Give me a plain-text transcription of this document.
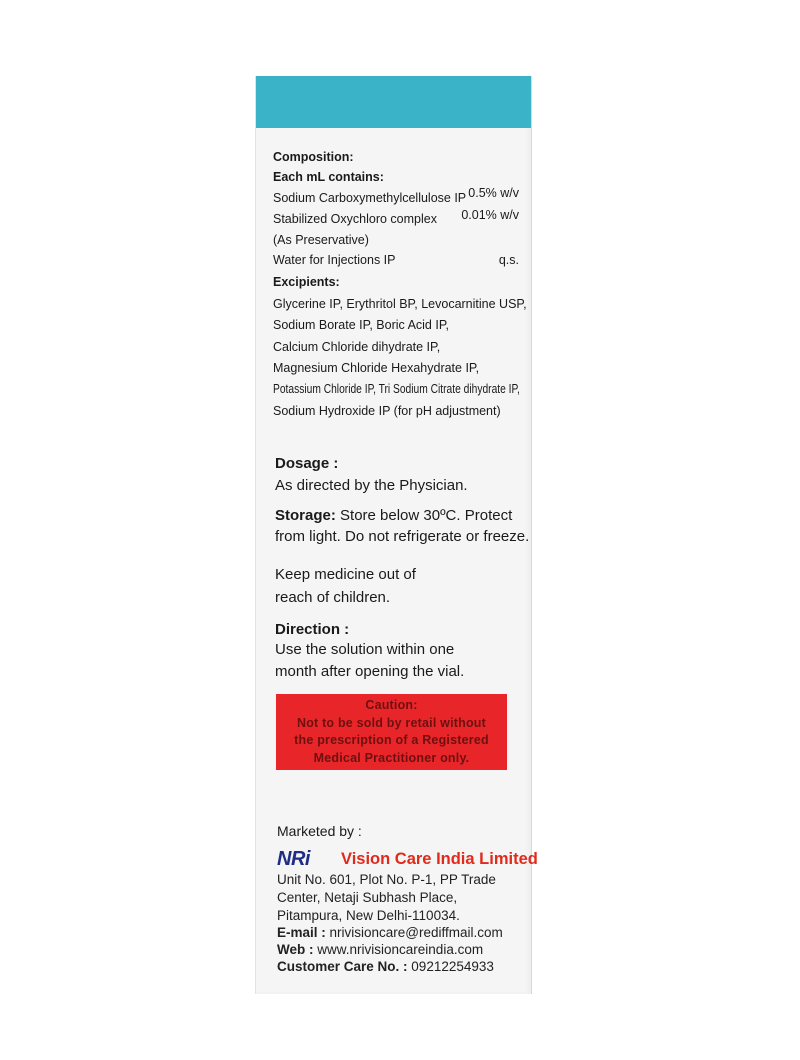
Composition:
Each mL contains:
Sodium Carboxymethylcellulose IP 0.5% w/v
Stabilized Oxychloro complex 0.01% w/v
(As Preservative)
Water for Injections IP	q.s.
Excipients:
Glycerine IP, Erythritol BP, Levocarnitine USP,
Sodium Borate IP, Boric Acid IP,
Calcium Chloride dihydrate IP,
Magnesium Chloride Hexahydrate IP,
Potassium Chloride IP, Tri Sodium Citrate dihydrate IP,
Sodium Hydroxide IP (for pH adjustment)
Dosage :
As directed by the Physician.
Storage: Store below 30ºC. Protect
from light. Do not refrigerate or freeze.
Keep medicine out of
reach of children.
Direction :
Use the solution within one
month after opening the vial.
Caution:
Not to be sold by retail without
the prescription of a Registered
Medical Practitioner only.
Marketed by :
NRi Vision Care India Limited
Unit No. 601, Plot No. P-1, PP Trade
Center, Netaji Subhash Place,
Pitampura, New Delhi-110034.
E-mail : nrivisioncare@rediffmail.com
Web : www.nrivisioncareindia.com
Customer Care No. : 09212254933
